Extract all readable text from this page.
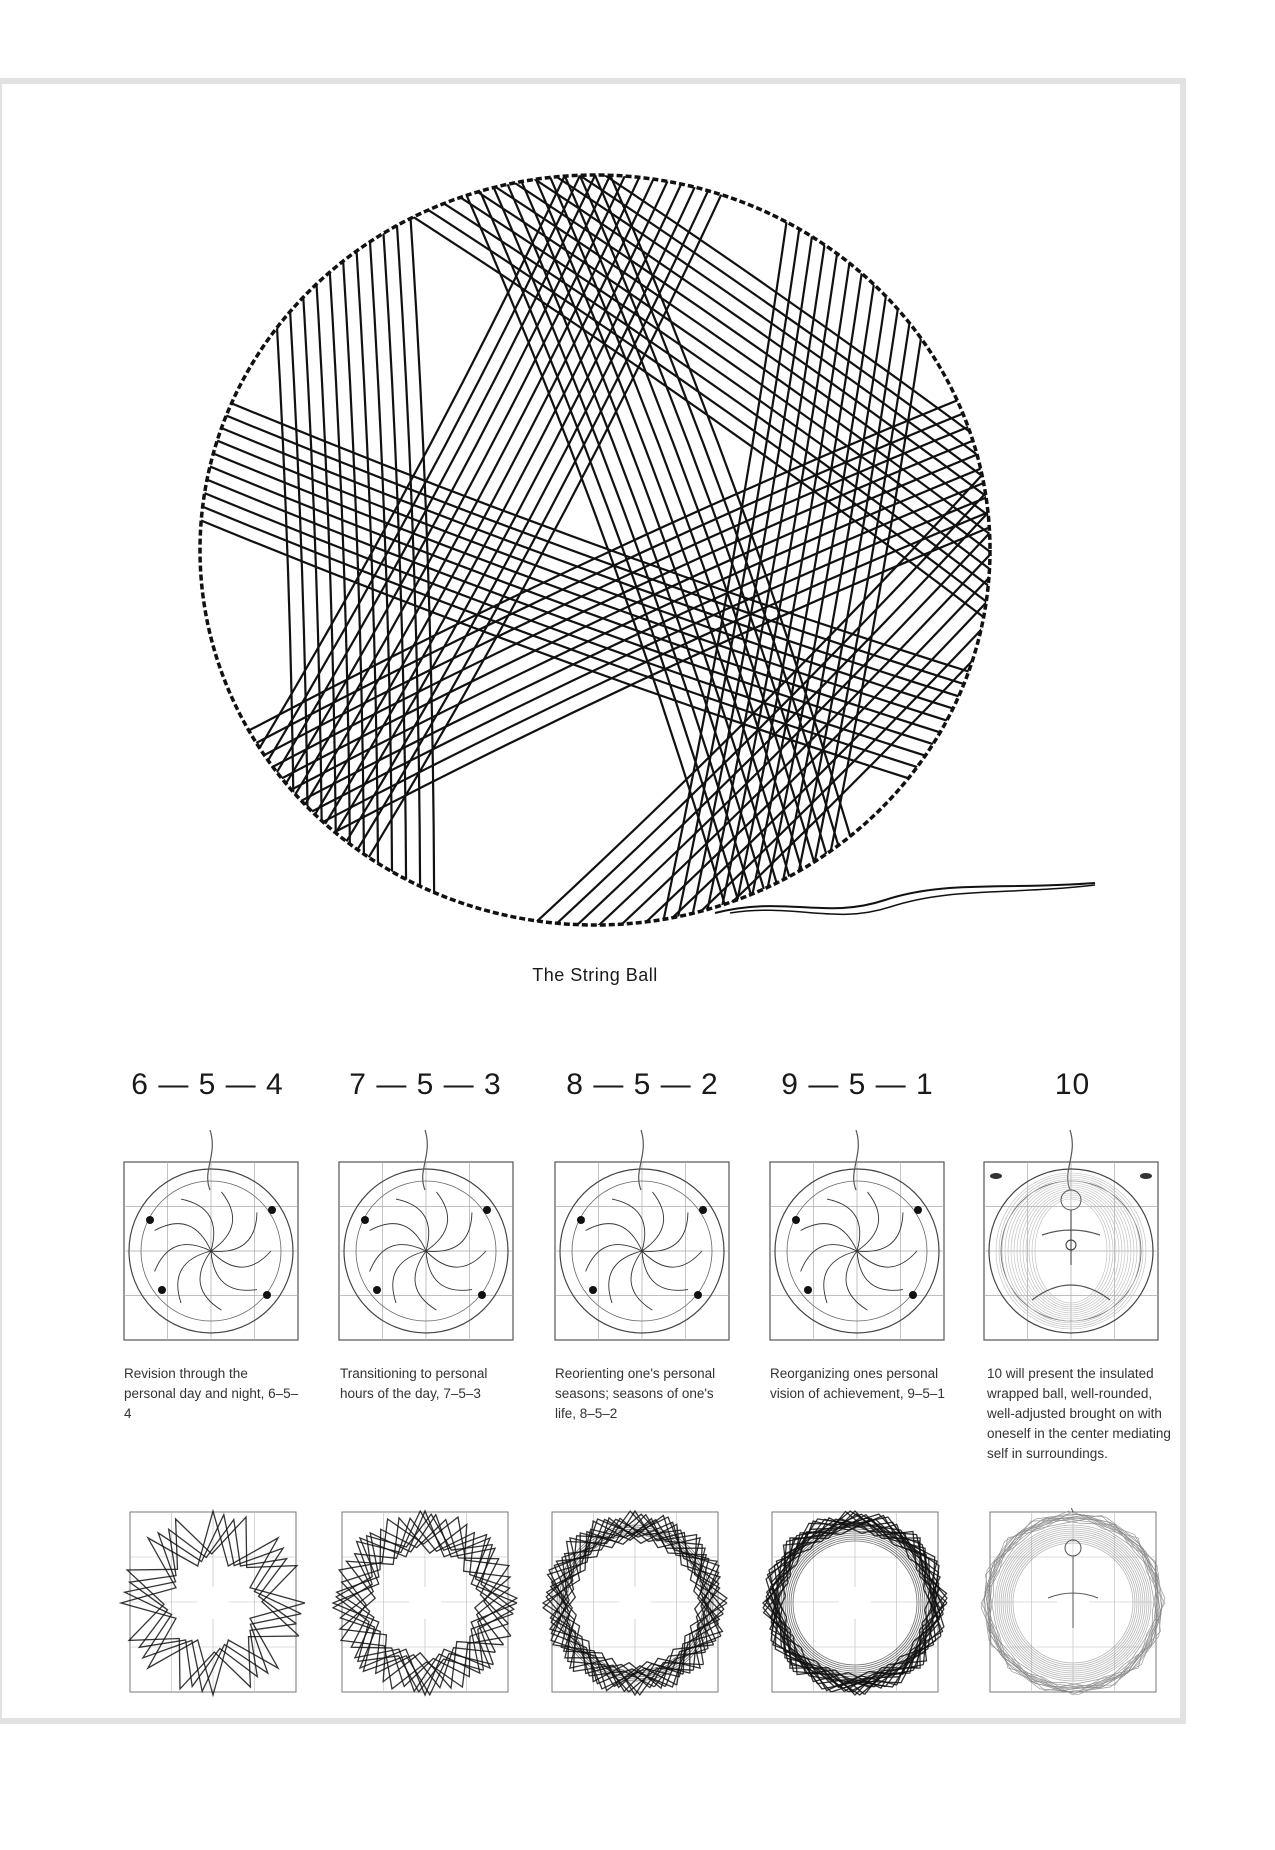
The String Ball
6 — 5 — 4	7 — 5 — 3	8 — 5 — 2	9 — 5 — 1	10
Revision through the personal day and night, 6–5–4
Transitioning to personal hours of the day, 7–5–3
Reorienting one's personal seasons; seasons of one's life, 8–5–2
Reorganizing ones personal vision of achievement, 9–5–1
10 will present the insulated wrapped ball, well-rounded, well-adjusted brought on with oneself in the center mediating self in surroundings.
